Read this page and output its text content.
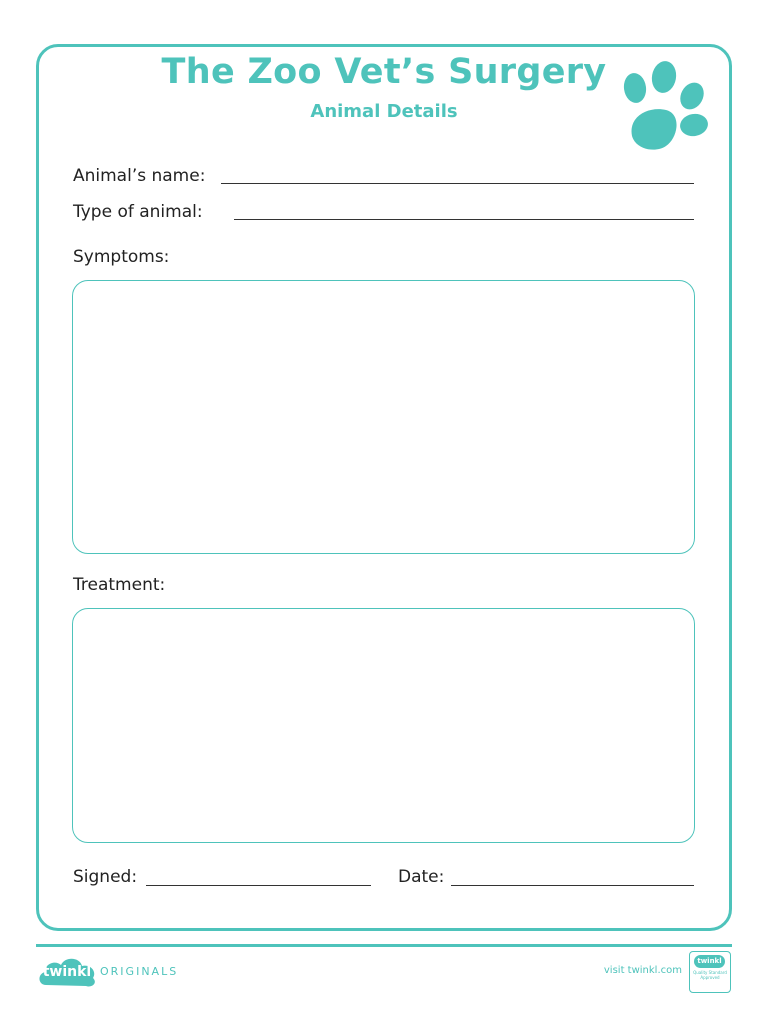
The Zoo Vet’s Surgery
Animal Details
Animal’s name:
Type of animal:
Symptoms:
Treatment:
Signed:	Date:
twinkl ORIGINALS	visit twinkl.com
twinkl
Quality Standard Approved
